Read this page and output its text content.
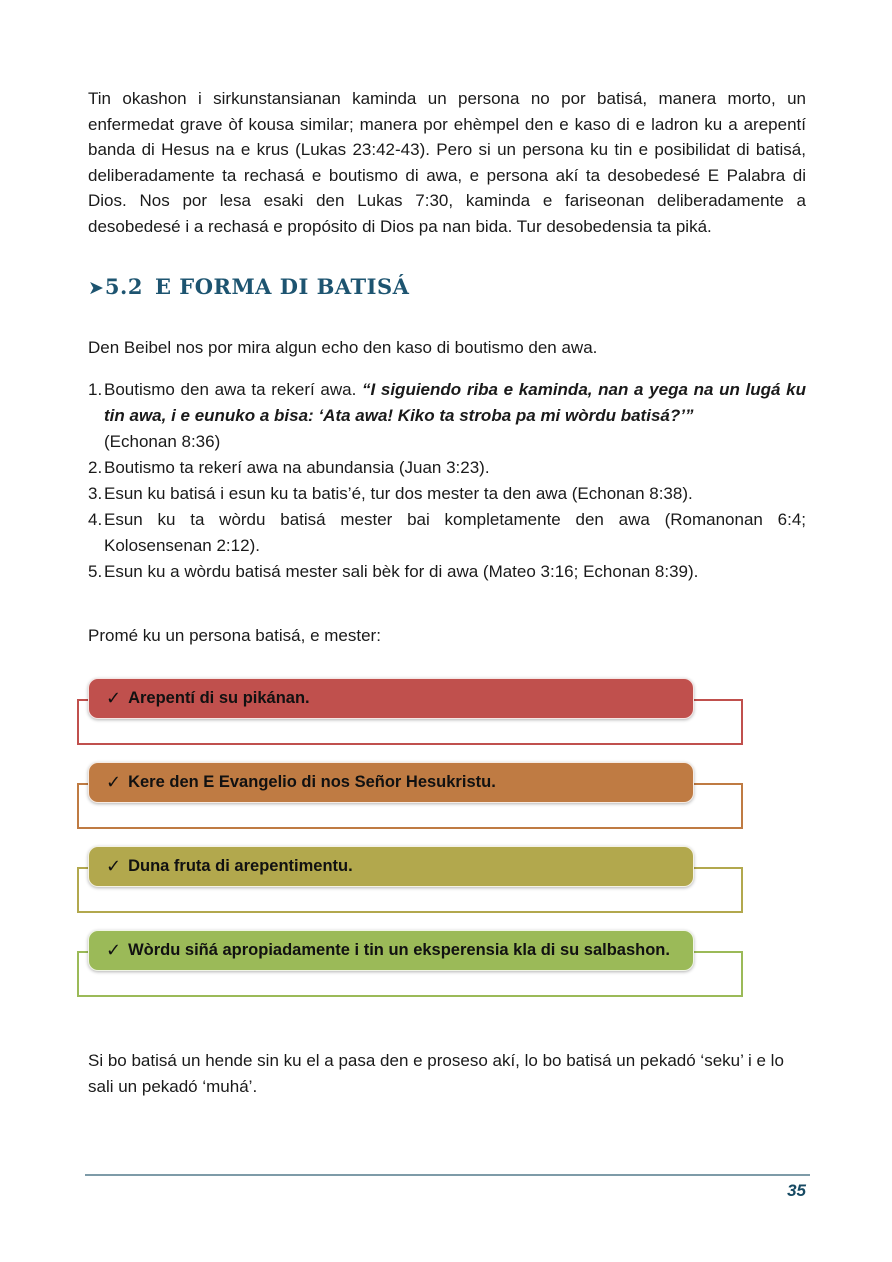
Tin okashon i sirkunstansianan kaminda un persona no por batisá, manera morto, un enfermedat grave òf kousa similar; manera por ehèmpel den e kaso di e ladron ku a arepentí banda di Hesus na e krus (Lukas 23:42-43). Pero si un persona ku tin e posibilidat di batisá, deliberadamente ta rechasá e boutismo di awa, e persona akí ta desobedesé E Palabra di Dios. Nos por lesa esaki den Lukas 7:30, kaminda e fariseonan deliberadamente a desobedesé i a rechasá e propósito di Dios pa nan bida. Tur desobedensia ta piká.

➤5.2 E FORMA DI BATISÁ

Den Beibel nos por mira algun echo den kaso di boutismo den awa.

1. Boutismo den awa ta rekerí awa. “I siguiendo riba e kaminda, nan a yega na un lugá ku tin awa, i e eunuko a bisa: ‘Ata awa! Kiko ta stroba pa mi wòrdu batisá?’”
(Echonan 8:36)
2. Boutismo ta rekerí awa na abundansia (Juan 3:23).
3. Esun ku batisá i esun ku ta batis’é, tur dos mester ta den awa (Echonan 8:38).
4. Esun ku ta wòrdu batisá mester bai kompletamente den awa (Romanonan 6:4; Kolosensenan 2:12).
5. Esun ku a wòrdu batisá mester sali bèk for di awa (Mateo 3:16; Echonan 8:39).

Promé ku un persona batisá, e mester:

✓ Arepentí di su pikánan.
✓ Kere den E Evangelio di nos Señor Hesukristu.
✓ Duna fruta di arepentimentu.
✓ Wòrdu siñá apropiadamente i tin un eksperensia kla di su salbashon.

Si bo batisá un hende sin ku el a pasa den e proseso akí, lo bo batisá un pekadó ‘seku’ i e lo sali un pekadó ‘muhá’.

35
